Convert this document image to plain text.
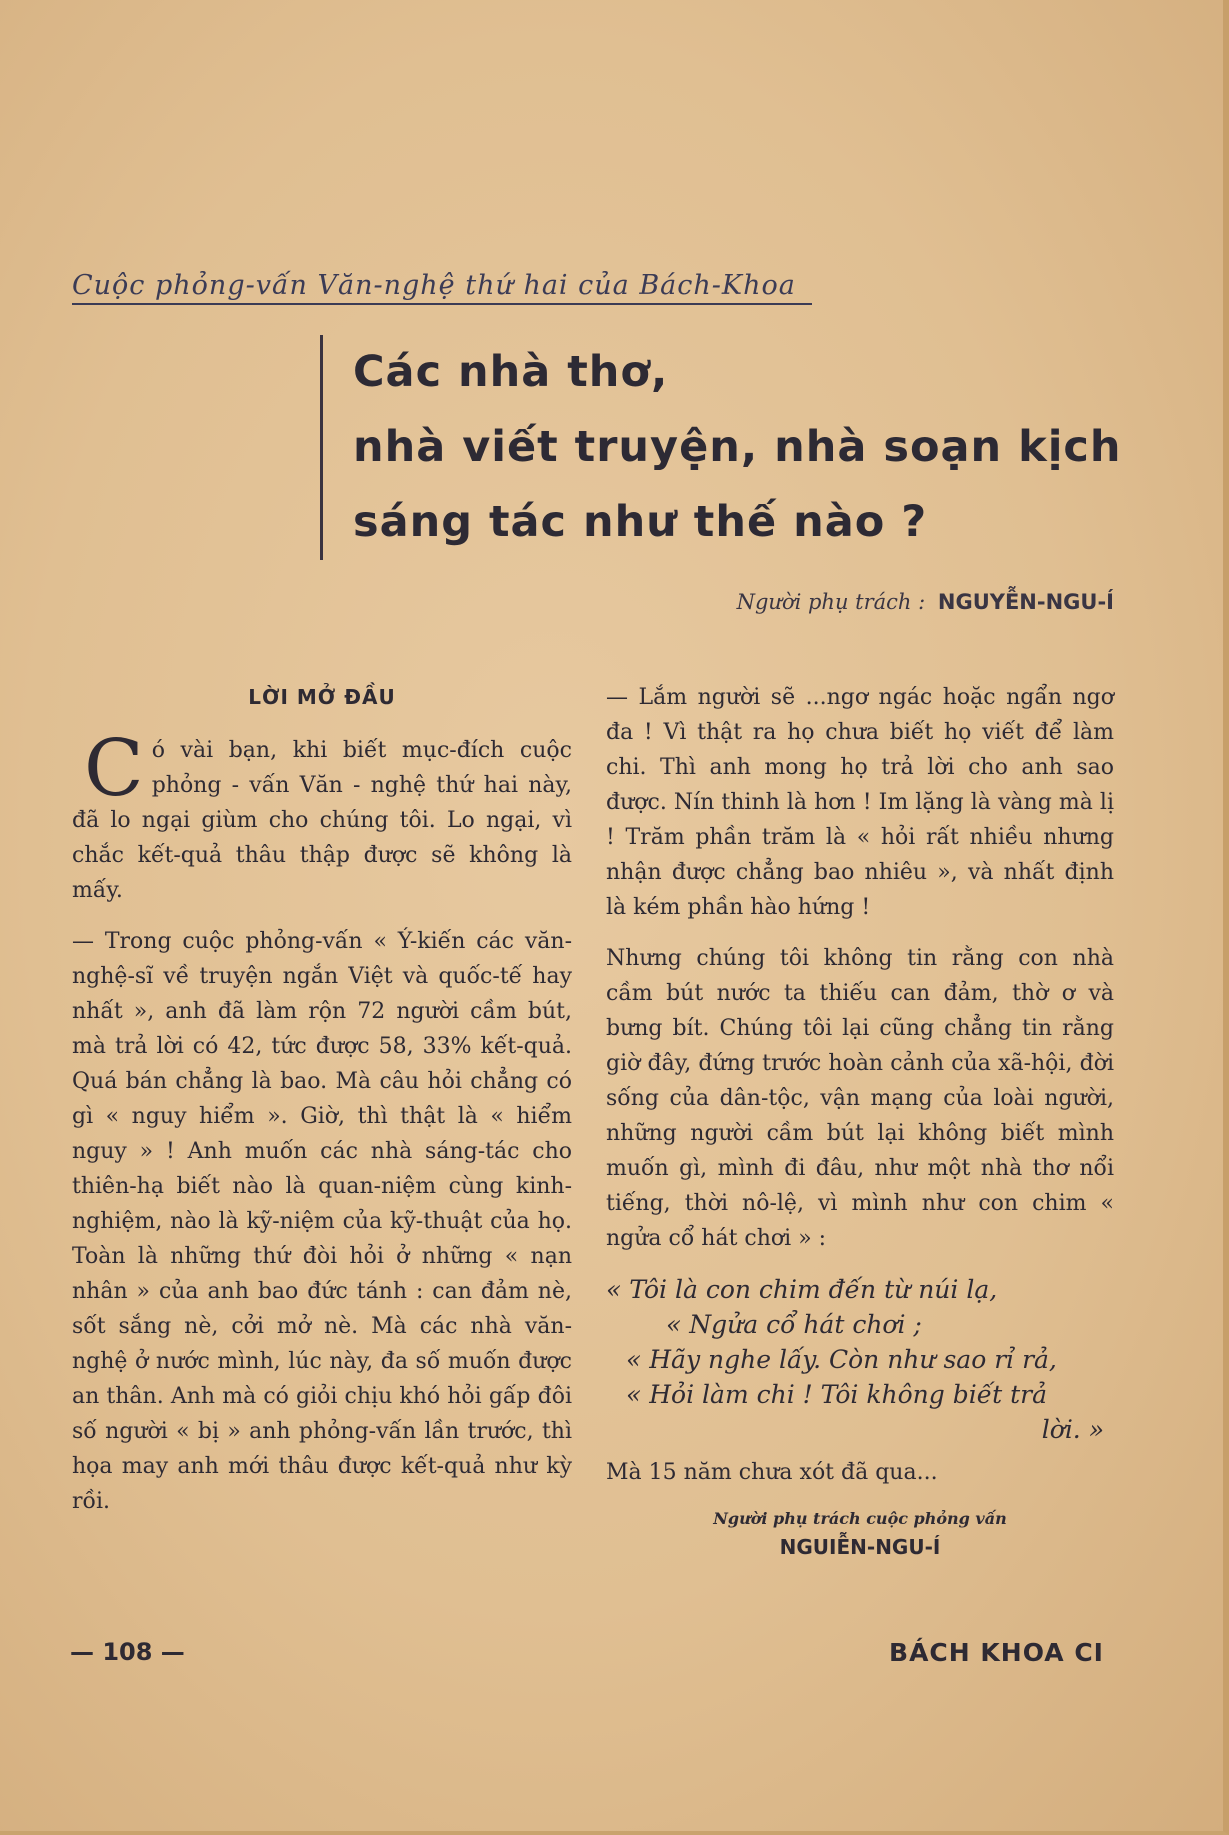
Cuộc phỏng-vấn Văn-nghệ thứ hai của Bách-Khoa
Các nhà thơ,
nhà viết truyện, nhà soạn kịch
sáng tác như thế nào ?
Người phụ trách : NGUYỄN-NGU-Í
LỜI MỞ ĐẦU

Có vài bạn, khi biết mục-đích cuộc phỏng - vấn Văn - nghệ thứ hai này, đã lo ngại giùm cho chúng tôi. Lo ngại, vì chắc kết-quả thâu thập được sẽ không là mấy.

— Trong cuộc phỏng-vấn « Ý-kiến các văn-nghệ-sĩ về truyện ngắn Việt và quốc-tế hay nhất », anh đã làm rộn 72 người cầm bút, mà trả lời có 42, tức được 58, 33% kết-quả. Quá bán chẳng là bao. Mà câu hỏi chẳng có gì « nguy hiểm ». Giờ, thì thật là « hiểm nguy » ! Anh muốn các nhà sáng-tác cho thiên-hạ biết nào là quan-niệm cùng kinh-nghiệm, nào là kỹ-niệm của kỹ-thuật của họ. Toàn là những thứ đòi hỏi ở những « nạn nhân » của anh bao đức tánh : can đảm nè, sốt sắng nè, cởi mở nè. Mà các nhà văn-nghệ ở nước mình, lúc này, đa số muốn được an thân. Anh mà có giỏi chịu khó hỏi gấp đôi số người « bị » anh phỏng-vấn lần trước, thì họa may anh mới thâu được kết-quả như kỳ rồi.

— Lắm người sẽ ...ngơ ngác hoặc ngẩn ngơ đa ! Vì thật ra họ chưa biết họ viết để làm chi. Thì anh mong họ trả lời cho anh sao được. Nín thinh là hơn ! Im lặng là vàng mà lị ! Trăm phần trăm là « hỏi rất nhiều nhưng nhận được chẳng bao nhiêu », và nhất định là kém phần hào hứng !

Nhưng chúng tôi không tin rằng con nhà cầm bút nước ta thiếu can đảm, thờ ơ và bưng bít. Chúng tôi lại cũng chẳng tin rằng giờ đây, đứng trước hoàn cảnh của xã-hội, đời sống của dân-tộc, vận mạng của loài người, những người cầm bút lại không biết mình muốn gì, mình đi đâu, như một nhà thơ nổi tiếng, thời nô-lệ, vì mình như con chim « ngửa cổ hát chơi » :

« Tôi là con chim đến từ núi lạ,
« Ngửa cổ hát chơi ;
« Hãy nghe lấy. Còn như sao rỉ rả,
« Hỏi làm chi ! Tôi không biết trả
lời. »

Mà 15 năm chưa xót đã qua...

Người phụ trách cuộc phỏng vấn
NGUIỄN-NGU-Í
— 108 —	BÁCH KHOA CI
